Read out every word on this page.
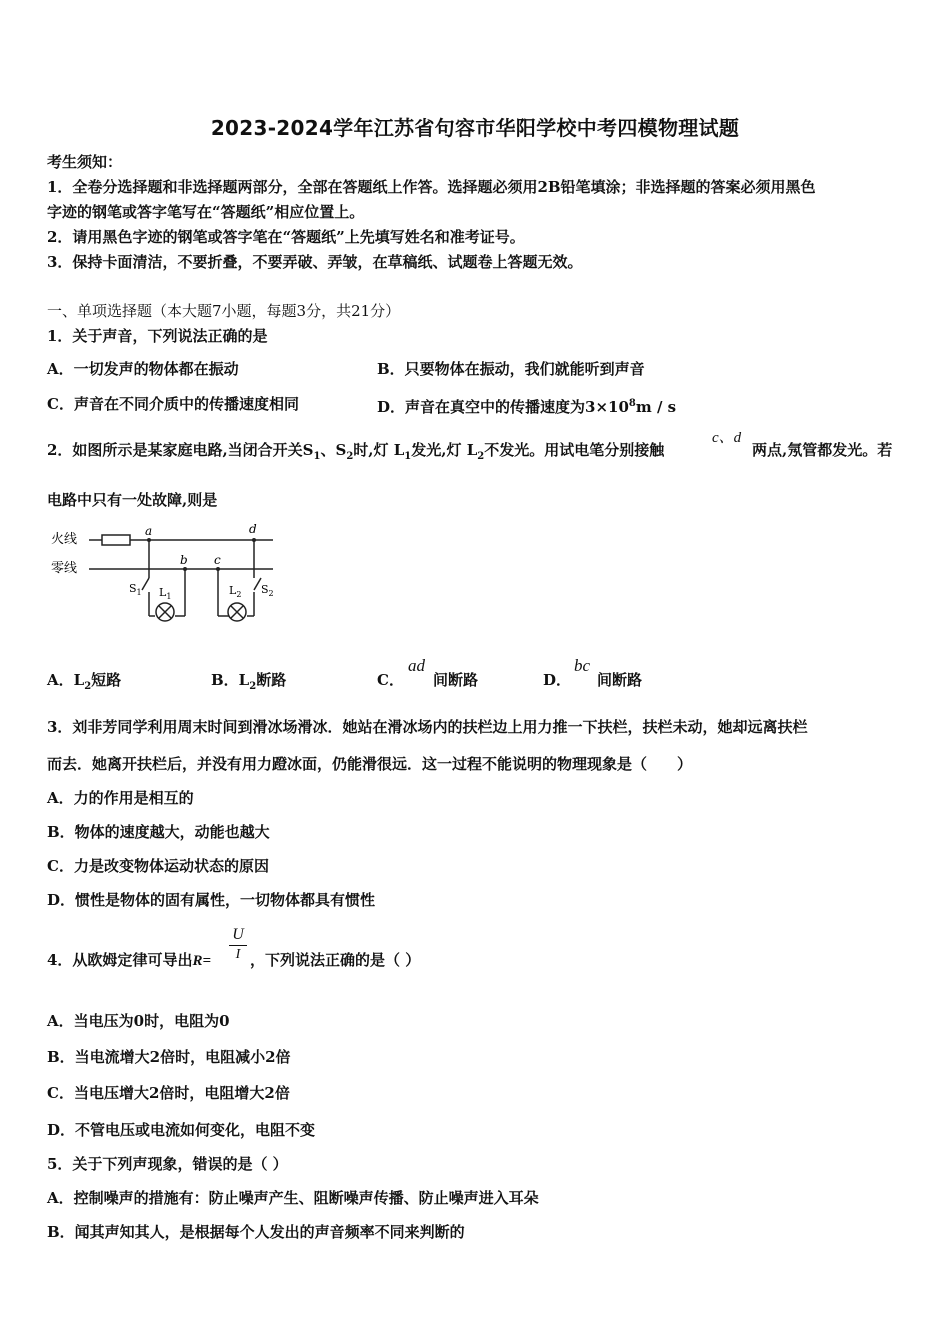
2023-2024学年江苏省句容市华阳学校中考四模物理试题
考生须知：
1．全卷分选择题和非选择题两部分，全部在答题纸上作答。选择题必须用2B铅笔填涂；非选择题的答案必须用黑色
字迹的钢笔或答字笔写在“答题纸”相应位置上。
2．请用黑色字迹的钢笔或答字笔在“答题纸”上先填写姓名和准考证号。
3．保持卡面清洁，不要折叠，不要弄破、弄皱，在草稿纸、试题卷上答题无效。
一、单项选择题（本大题7小题，每题3分，共21分）
1．关于声音，下列说法正确的是
A．一切发声的物体都在振动	B．只要物体在振动，我们就能听到声音
C．声音在不同介质中的传播速度相同	D．声音在真空中的传播速度为$3\times 10^8m / s$
2．如图所示是某家庭电路,当闭合开关$S_1$、$S_2$时,灯 $L_1$发光,灯 $L_2$不发光。用试电笔分别接触
c、d
两点,氖管都发光。若
电路中只有一处故障,则是
火线
零线
a
b c
d
$S_1$ $L_1$	$L_2$ $S_2$
A．$L_2$短路	B．$L_2$断路	C．
ad
间断路	D．
bc
间断路
3．刘非芳同学利用周末时间到滑冰场滑冰．她站在滑冰场内的扶栏边上用力推一下扶栏，扶栏未动，她却远离扶栏
而去．她离开扶栏后，并没有用力蹬冰面，仍能滑很远．这一过程不能说明的物理现象是（　　）
A．力的作用是相互的
B．物体的速度越大，动能也越大
C．力是改变物体运动状态的原因
D．惯性是物体的固有属性，一切物体都具有惯性
4．从欧姆定律可导出R=
U
I ，下列说法正确的是（ ）
A．当电压为0时，电阻为0
B．当电流增大2倍时，电阻减小2倍
C．当电压增大2倍时，电阻增大2倍
D．不管电压或电流如何变化，电阻不变
5．关于下列声现象，错误的是（ ）
A．控制噪声的措施有：防止噪声产生、阻断噪声传播、防止噪声进入耳朵
B．闻其声知其人，是根据每个人发出的声音频率不同来判断的
